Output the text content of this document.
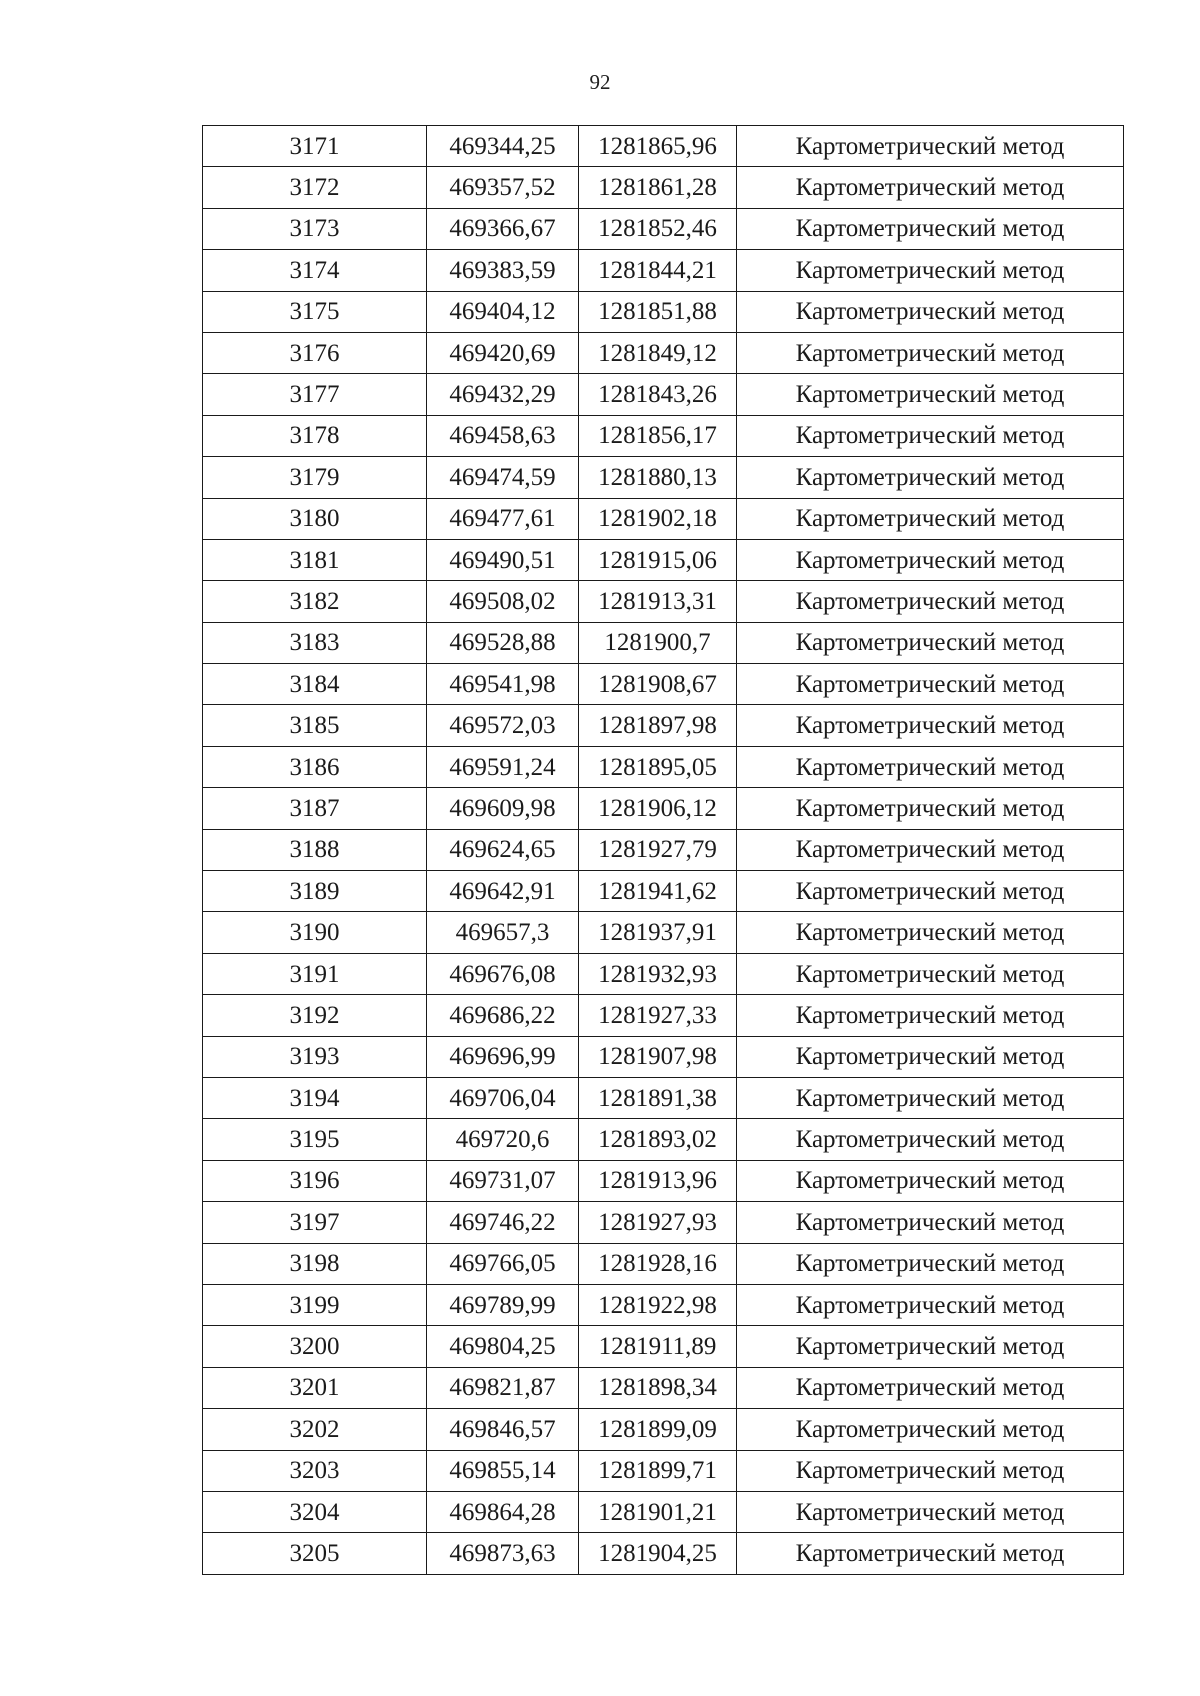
92
3171	469344,25	1281865,96	Картометрический метод
3172	469357,52	1281861,28	Картометрический метод
3173	469366,67	1281852,46	Картометрический метод
3174	469383,59	1281844,21	Картометрический метод
3175	469404,12	1281851,88	Картометрический метод
3176	469420,69	1281849,12	Картометрический метод
3177	469432,29	1281843,26	Картометрический метод
3178	469458,63	1281856,17	Картометрический метод
3179	469474,59	1281880,13	Картометрический метод
3180	469477,61	1281902,18	Картометрический метод
3181	469490,51	1281915,06	Картометрический метод
3182	469508,02	1281913,31	Картометрический метод
3183	469528,88	1281900,7	Картометрический метод
3184	469541,98	1281908,67	Картометрический метод
3185	469572,03	1281897,98	Картометрический метод
3186	469591,24	1281895,05	Картометрический метод
3187	469609,98	1281906,12	Картометрический метод
3188	469624,65	1281927,79	Картометрический метод
3189	469642,91	1281941,62	Картометрический метод
3190	469657,3	1281937,91	Картометрический метод
3191	469676,08	1281932,93	Картометрический метод
3192	469686,22	1281927,33	Картометрический метод
3193	469696,99	1281907,98	Картометрический метод
3194	469706,04	1281891,38	Картометрический метод
3195	469720,6	1281893,02	Картометрический метод
3196	469731,07	1281913,96	Картометрический метод
3197	469746,22	1281927,93	Картометрический метод
3198	469766,05	1281928,16	Картометрический метод
3199	469789,99	1281922,98	Картометрический метод
3200	469804,25	1281911,89	Картометрический метод
3201	469821,87	1281898,34	Картометрический метод
3202	469846,57	1281899,09	Картометрический метод
3203	469855,14	1281899,71	Картометрический метод
3204	469864,28	1281901,21	Картометрический метод
3205	469873,63	1281904,25	Картометрический метод
